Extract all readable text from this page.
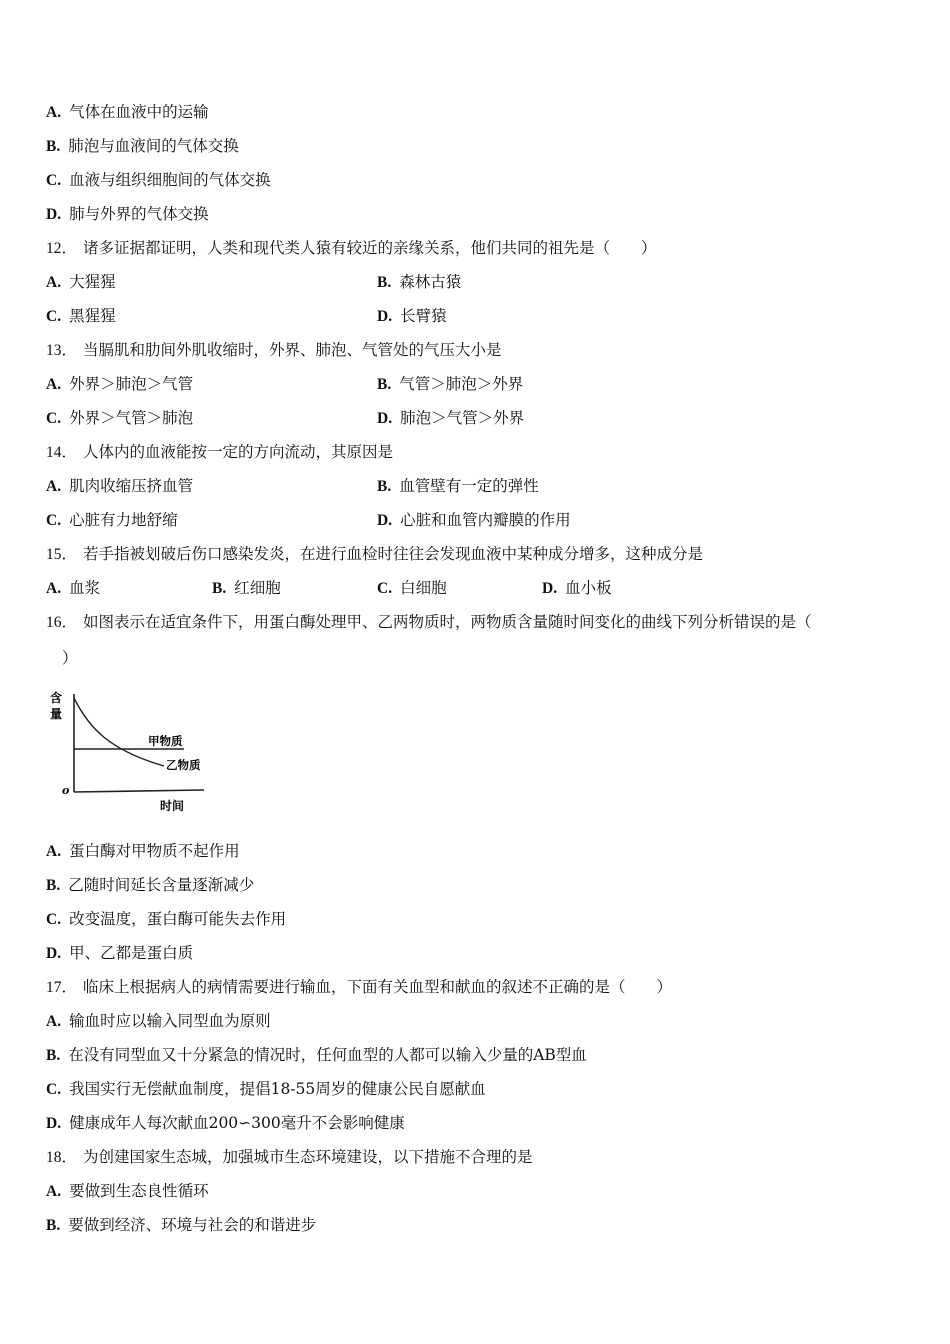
A. 气体在血液中的运输
B. 肺泡与血液间的气体交换
C. 血液与组织细胞间的气体交换
D. 肺与外界的气体交换
12． 诸多证据都证明，人类和现代类人猿有较近的亲缘关系，他们共同的祖先是（　　）
A. 大猩猩	B. 森林古猿
C. 黑猩猩	D. 长臂猿
13． 当膈肌和肋间外肌收缩时，外界、肺泡、气管处的气压大小是
A. 外界＞肺泡＞气管	B. 气管＞肺泡＞外界
C. 外界＞气管＞肺泡	D. 肺泡＞气管＞外界
14． 人体内的血液能按一定的方向流动，其原因是
A. 肌肉收缩压挤血管	B. 血管壁有一定的弹性
C. 心脏有力地舒缩	D. 心脏和血管内瓣膜的作用
15． 若手指被划破后伤口感染发炎，在进行血检时往往会发现血液中某种成分增多，这种成分是
A. 血浆	B. 红细胞	C. 白细胞	D. 血小板
16． 如图表示在适宜条件下，用蛋白酶处理甲、乙两物质时，两物质含量随时间变化的曲线下列分析错误的是（
）
含
量
o
时间
甲物质
乙物质
A. 蛋白酶对甲物质不起作用
B. 乙随时间延长含量逐渐减少
C. 改变温度，蛋白酶可能失去作用
D. 甲、乙都是蛋白质
17． 临床上根据病人的病情需要进行输血，下面有关血型和献血的叙述不正确的是（　　）
A. 输血时应以输入同型血为原则
B. 在没有同型血又十分紧急的情况时，任何血型的人都可以输入少量的AB型血
C. 我国实行无偿献血制度，提倡18-55周岁的健康公民自愿献血
D. 健康成年人每次献血200∽300毫升不会影响健康
18． 为创建国家生态城，加强城市生态环境建设，以下措施不合理的是
A. 要做到生态良性循环
B. 要做到经济、环境与社会的和谐进步
